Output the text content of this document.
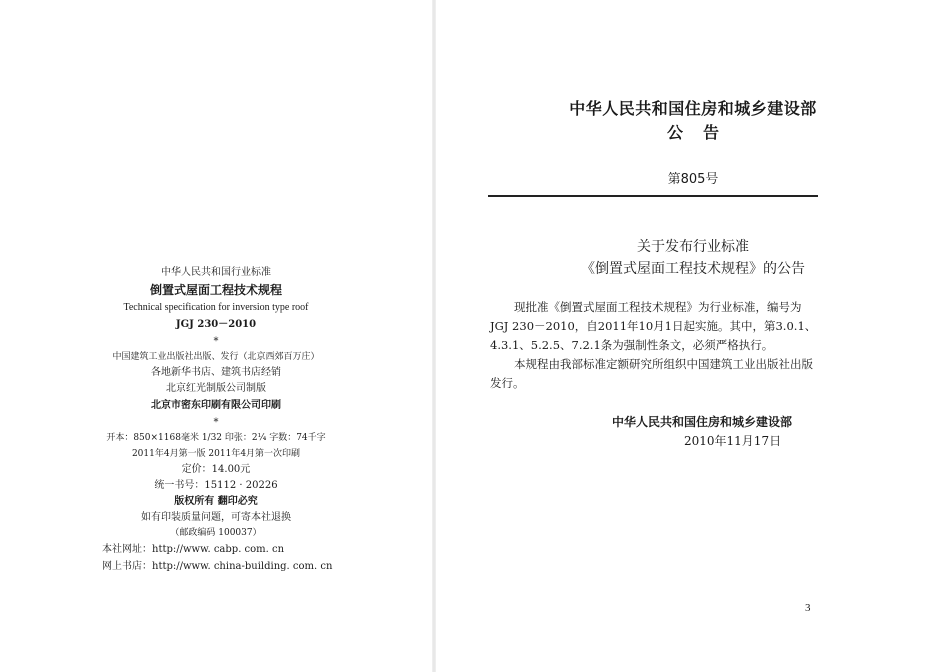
中华人民共和国行业标准
倒置式屋面工程技术规程
Technical specification for inversion type roof
JGJ 230－2010
*
中国建筑工业出版社出版、发行（北京西郊百万庄）
各地新华书店、建筑书店经销
北京红光制版公司制版
北京市密东印刷有限公司印刷
*
开本：850×1168毫米 1/32 印张：2¼ 字数：74千字
2011年4月第一版 2011年4月第一次印刷
定价：14.00元
统一书号：15112 · 20226
版权所有 翻印必究
如有印装质量问题，可寄本社退换
（邮政编码 100037）
本社网址：http://www. cabp. com. cn
网上书店：http://www. china-building. com. cn
中华人民共和国住房和城乡建设部
公告
第805号
关于发布行业标准
《倒置式屋面工程技术规程》的公告
现批准《倒置式屋面工程技术规程》为行业标准，编号为
JGJ 230－2010，自2011年10月1日起实施。其中，第3.0.1、
4.3.1、5.2.5、7.2.1条为强制性条文，必须严格执行。
本规程由我部标准定额研究所组织中国建筑工业出版社出版
发行。
中华人民共和国住房和城乡建设部
2010年11月17日
3
